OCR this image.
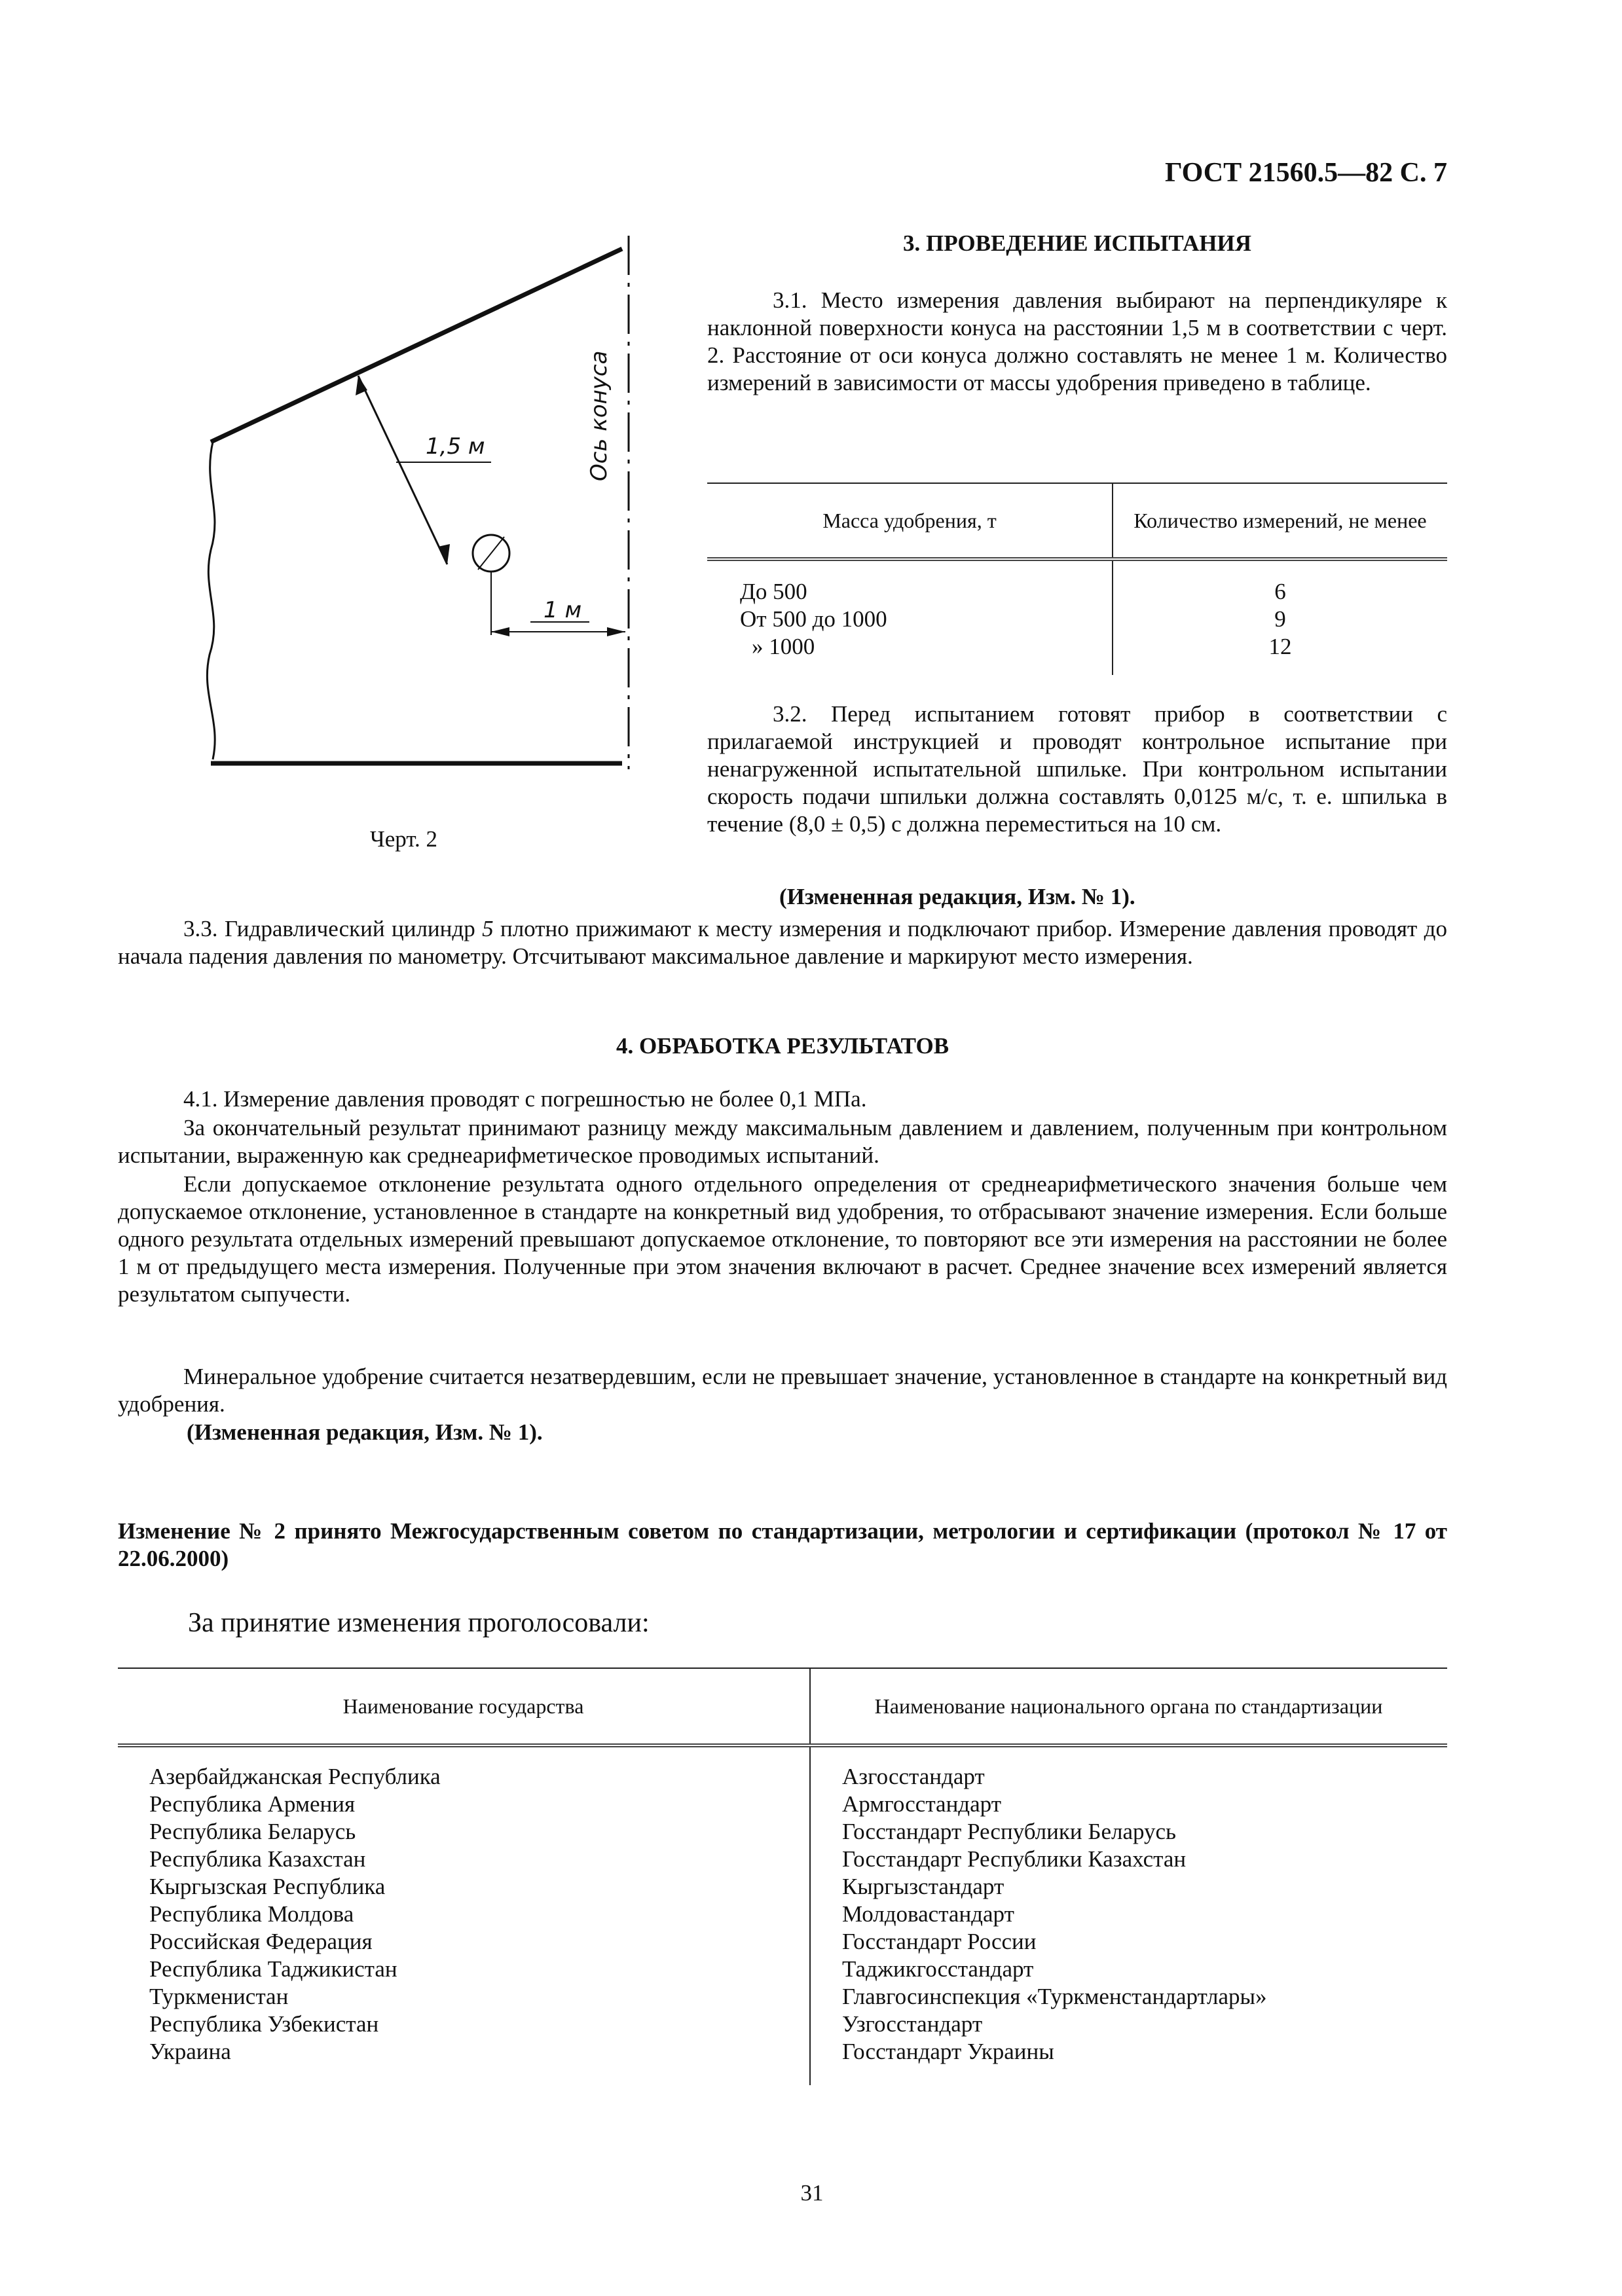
ГОСТ 21560.5—82 С. 7
1,5 м
1 м
Ось конуса
Черт. 2
3. ПРОВЕДЕНИЕ ИСПЫТАНИЯ

3.1. Место измерения давления выбирают на перпендикуляре к наклонной поверхности конуса на расстоянии 1,5 м в соответствии с черт. 2. Расстояние от оси конуса должно составлять не менее 1 м. Количество измерений в зависимости от массы удобрения приведено в таблице.

Масса удобрения, т	Количество измерений, не менее
До 500	6
От 500 до 1000	9
» 1000	12

3.2. Перед испытанием готовят прибор в соответствии с прилагаемой инструкцией и проводят контрольное испытание при ненагруженной испытательной шпильке. При контрольном испытании скорость подачи шпильки должна составлять 0,0125 м/с, т. е. шпилька в течение (8,0 ± 0,5) с должна переместиться на 10 см.

(Измененная редакция, Изм. № 1).

3.3. Гидравлический цилиндр 5 плотно прижимают к месту измерения и подключают прибор. Измерение давления проводят до начала падения давления по манометру. Отсчитывают максимальное давление и маркируют место измерения.

4. ОБРАБОТКА РЕЗУЛЬТАТОВ

4.1. Измерение давления проводят с погрешностью не более 0,1 МПа.

За окончательный результат принимают разницу между максимальным давлением и давлением, полученным при контрольном испытании, выраженную как среднеарифметическое проводимых испытаний.

Если допускаемое отклонение результата одного отдельного определения от среднеарифметического значения больше чем допускаемое отклонение, установленное в стандарте на конкретный вид удобрения, то отбрасывают значение измерения. Если больше одного результата отдельных измерений превышают допускаемое отклонение, то повторяют все эти измерения на расстоянии не более 1 м от предыдущего места измерения. Полученные при этом значения включают в расчет. Среднее значение всех измерений является результатом сыпучести.

Минеральное удобрение считается незатвердевшим, если не превышает значение, установленное в стандарте на конкретный вид удобрения.

(Измененная редакция, Изм. № 1).
Изменение № 2 принято Межгосударственным советом по стандартизации, метрологии и сертификации (протокол № 17 от 22.06.2000)
За принятие изменения проголосовали:
Наименование государства	Наименование национального органа по стандартизации
Азербайджанская Республика	Азгосстандарт
Республика Армения	Армгосстандарт
Республика Беларусь	Госстандарт Республики Беларусь
Республика Казахстан	Госстандарт Республики Казахстан
Кыргызская Республика	Кыргызстандарт
Республика Молдова	Молдовастандарт
Российская Федерация	Госстандарт России
Республика Таджикистан	Таджикгосстандарт
Туркменистан	Главгосинспекция «Туркменстандартлары»
Республика Узбекистан	Узгосстандарт
Украина	Госстандарт Украины
31
